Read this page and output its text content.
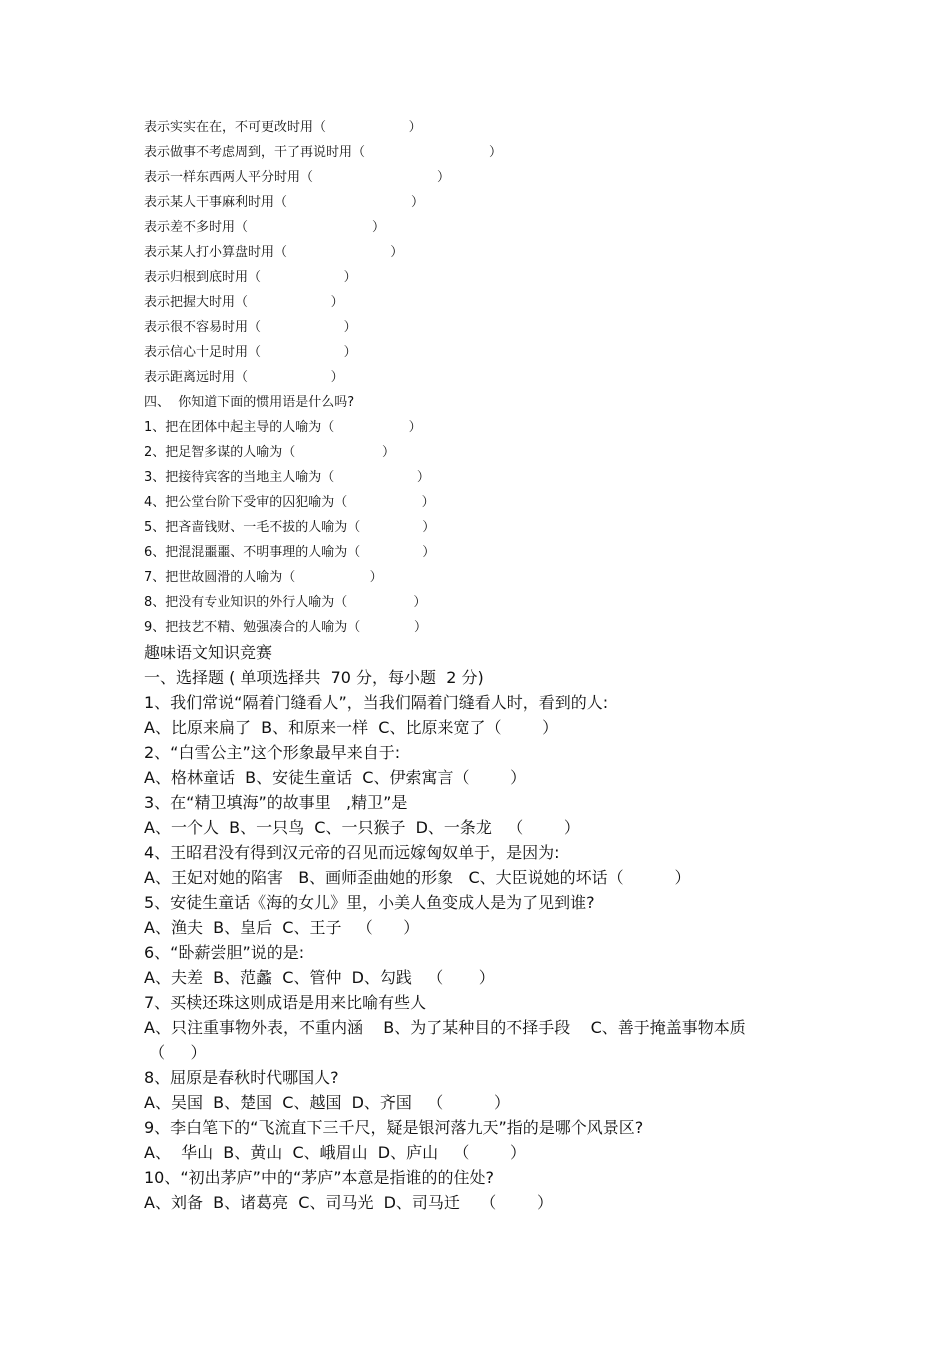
表示实实在在，不可更改时用（                    ）
表示做事不考虑周到，干了再说时用（                              ）
表示一样东西两人平分时用（                              ）
表示某人干事麻利时用（                              ）
表示差不多时用（                              ）
表示某人打小算盘时用（                         ）
表示归根到底时用（                    ）
表示把握大时用（                    ）
表示很不容易时用（                    ）
表示信心十足时用（                    ）
表示距离远时用（                    ）
四、  你知道下面的惯用语是什么吗?
1、把在团体中起主导的人喻为（                  ）
2、把足智多谋的人喻为（                     ）
3、把接待宾客的当地主人喻为（                    ）
4、把公堂台阶下受审的囚犯喻为（                  ）
5、把吝啬钱财、一毛不拔的人喻为（               ）
6、把混混噩噩、不明事理的人喻为（               ）
7、把世故圆滑的人喻为（                  ）
8、把没有专业知识的外行人喻为（                ）
9、把技艺不精、勉强凑合的人喻为（             ）
趣味语文知识竞赛
一、选择题 ( 单项选择共  70 分，每小题  2 分)
1、我们常说“隔着门缝看人”，当我们隔着门缝看人时，看到的人:
A、比原来扁了  B、和原来一样  C、比原来宽了（        ）
2、“白雪公主”这个形象最早来自于:
A、格林童话  B、安徒生童话  C、伊索寓言（        ）
3、在“精卫填海”的故事里   ,精卫”是
A、一个人  B、一只鸟  C、一只猴子  D、一条龙   （        ）
4、王昭君没有得到汉元帝的召见而远嫁匈奴单于，是因为:
A、王妃对她的陷害   B、画师歪曲她的形象   C、大臣说她的坏话（          ）
5、安徒生童话《海的女儿》里，小美人鱼变成人是为了见到谁?
A、渔夫  B、皇后  C、王子   （      ）
6、“卧薪尝胆”说的是:
A、夫差  B、范蠡  C、管仲  D、勾践   （       ）
7、买椟还珠这则成语是用来比喻有些人
A、只注重事物外表，不重内涵    B、为了某种目的不择手段    C、善于掩盖事物本质
（     ）
8、屈原是春秋时代哪国人?
A、吴国  B、楚国  C、越国  D、齐国   （          ）
9、李白笔下的“飞流直下三千尺，疑是银河落九天”指的是哪个风景区?
A、  华山  B、黄山  C、峨眉山  D、庐山   （        ）
10、“初出茅庐”中的“茅庐”本意是指谁的的住处?
A、刘备  B、诸葛亮  C、司马光  D、司马迁    （        ）
